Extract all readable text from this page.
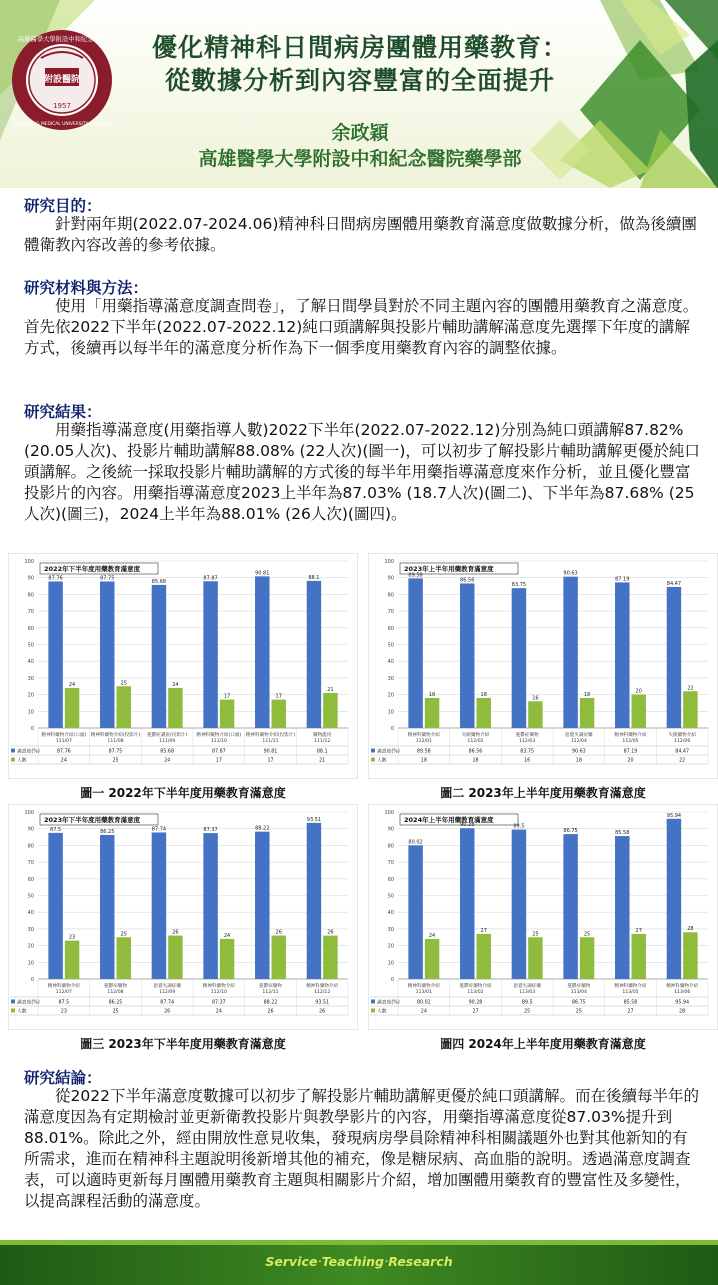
附設醫院
1957
高雄醫學大學附設中和紀念醫院
KAOHSIUNG MEDICAL UNIVERSITY HOSPITAL
優化精神科日間病房團體用藥教育：
從數據分析到內容豐富的全面提升
余政穎
高雄醫學大學附設中和紀念醫院藥學部
研究目的：

　　針對兩年期(2022.07-2024.06)精神科日間病房團體用藥教育滿意度做數據分析，做為後續團體衛教內容改善的參考依據。

研究材料與方法：

　　使用「用藥指導滿意度調查問卷」，了解日間學員對於不同主題內容的團體用藥教育之滿意度。首先依2022下半年(2022.07-2022.12)純口頭講解與投影片輔助講解滿意度先選擇下年度的講解方式，後續再以每半年的滿意度分析作為下一個季度用藥教育內容的調整依據。

研究結果：

　　用藥指導滿意度(用藥指導人數)2022下半年(2022.07-2022.12)分別為純口頭講解87.82% (20.05人次)、投影片輔助講解88.08% (22人次)(圖一)，可以初步了解投影片輔助講解更優於純口頭講解。之後統一採取投影片輔助講解的方式後的每半年用藥指導滿意度來作分析，並且優化豐富投影片的內容。用藥指導滿意度2023上半年為87.03% (18.7人次)(圖二)、下半年為87.68% (25人次)(圖三)，2024上半年為88.01% (26人次)(圖四)。

0
10
20
30
40
50
60
70
80
90
100
2022年下半年度用藥教育滿意度
87.76	87.75
85.68
87.87
90.81
88.1
24	25	24
17	17
21
精神科藥物介紹(口頭)
111/07
精神科藥物介紹(投影片)
111/08
憂鬱症講座(投影片)
111/09
精神科藥物介紹(口頭)
111/10
精神科藥物介紹(投影片)
111/11
藥物濫用
111/12
滿意度(%)	87.76	87.75	85.68	87.87	90.81	88.1
人數	24	25	24	17	17	21
0
10
20
30
40
50
60
70
80
90
100
2023年上半年用藥教育滿意度
89.58
86.56
83.75
90.63
87.19
84.47
18	18
16
18
20
22
精神科藥物介紹
112/01
失眠藥物介紹
112/02
憂鬱症藥物
112/03
思覺失調症藥
112/04
精神科藥物介紹
112/05
失眠藥物介紹
112/06
滿意度(%)	89.58	86.56	83.75	90.63	87.19	84.47
人數	18	18	16	18	20	22
圖一 2022年下半年度用藥教育滿意度	圖二 2023年上半年度用藥教育滿意度
0
10
20
30
40
50
60
70
80
90
100
2023年下半年度用藥教育滿意度
87.5	86.25	87.74	87.37	88.22
93.51
23
25	26
24
26	26
精神科藥物介紹
112/07
憂鬱症藥物
112/08
思覺失調症藥
112/09
精神科藥物介紹
112/10
憂鬱症藥物
112/11
精神科藥物介紹
112/12
滿意度(%)	87.5	86.25	87.74	87.37	88.22	93.51
人數	23	25	26	24	26	26
0
10
20
30
40
50
60
70
80
90
100
2024年上半年用藥教育滿意度
80.02
90.28	89.5
86.75	85.58
95.94
24
27
25	25
27	28
精神科藥物介紹
113/01
憂鬱症藥物介紹
113/02
思覺失調症藥
113/03
憂鬱症藥物
113/04
精神科藥物介紹
113/05
精神科藥物介紹
113/06
滿意度(%)	80.02	90.28	89.5	86.75	85.58	95.94
人數	24	27	25	25	27	28
圖三 2023年下半年度用藥教育滿意度	圖四 2024年上半年度用藥教育滿意度
研究結論：

　　從2022下半年滿意度數據可以初步了解投影片輔助講解更優於純口頭講解。而在後續每半年的滿意度因為有定期檢討並更新衛教投影片與教學影片的內容，用藥指導滿意度從87.03%提升到88.01%。除此之外，經由開放性意見收集，發現病房學員除精神科相關議題外也對其他新知的有所需求，進而在精神科主題說明後新增其他的補充，像是糖尿病、高血脂的說明。透過滿意度調查表，可以適時更新每月團體用藥教育主題與相關影片介紹，增加團體用藥教育的豐富性及多變性，以提高課程活動的滿意度。

Service‧Teaching‧Research
